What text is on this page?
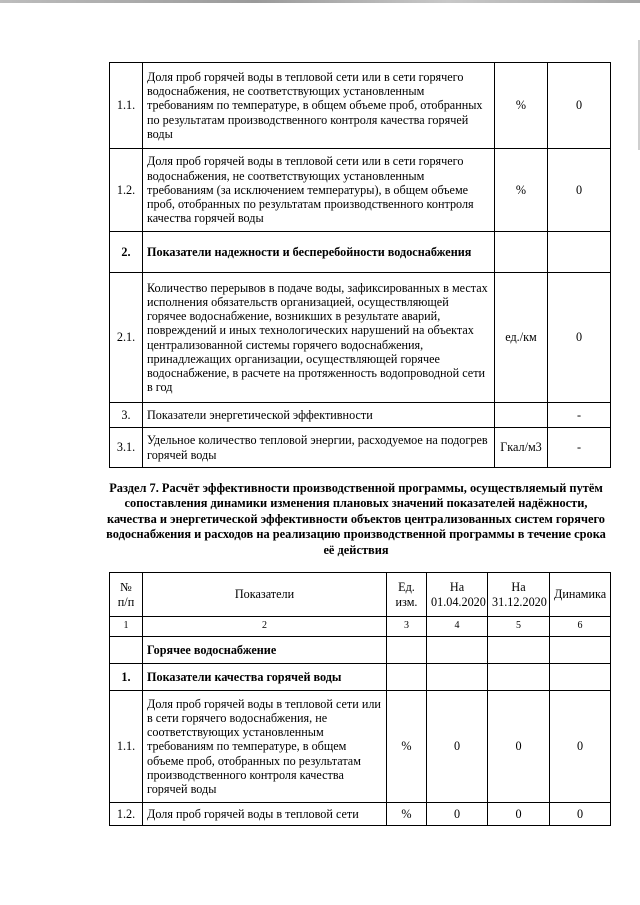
1.1.	Доля проб горячей воды в тепловой сети или в сети горячего водоснабжения, не соответствующих установленным требованиям по температуре, в общем объеме проб, отобранных по результатам производственного контроля качества горячей воды	%	0
1.2.	Доля проб горячей воды в тепловой сети или в сети горячего водоснабжения, не соответствующих установленным требованиям (за исключением температуры), в общем объеме проб, отобранных по результатам производственного контроля качества горячей воды	%	0
2.	Показатели надежности и бесперебойности водоснабжения		
2.1.	Количество перерывов в подаче воды, зафиксированных в местах исполнения обязательств организацией, осуществляющей горячее водоснабжение, возникших в результате аварий, повреждений и иных технологических нарушений на объектах централизованной системы горячего водоснабжения, принадлежащих организации, осуществляющей горячее водоснабжение, в расчете на протяженность водопроводной сети в год	ед./км	0
3.	Показатели энергетической эффективности		-
3.1.	Удельное количество тепловой энергии, расходуемое на подогрев горячей воды	Гкал/м3	-
Раздел 7. Расчёт эффективности производственной программы, осуществляемый путём сопоставления динамики изменения плановых значений показателей надёжности, качества и энергетической эффективности объектов централизованных систем горячего водоснабжения и расходов на реализацию производственной программы в течение срока её действия
№ п/п	Показатели	Ед. изм.	На 01.04.2020	На 31.12.2020	Динамика
1	2	3	4	5	6
	Горячее водоснабжение				
1.	Показатели качества горячей воды				
1.1.	Доля проб горячей воды в тепловой сети или в сети горячего водоснабжения, не соответствующих установленным требованиям по температуре, в общем объеме проб, отобранных по результатам производственного контроля качества горячей воды	%	0	0	0
1.2.	Доля проб горячей воды в тепловой сети	%	0	0	0
